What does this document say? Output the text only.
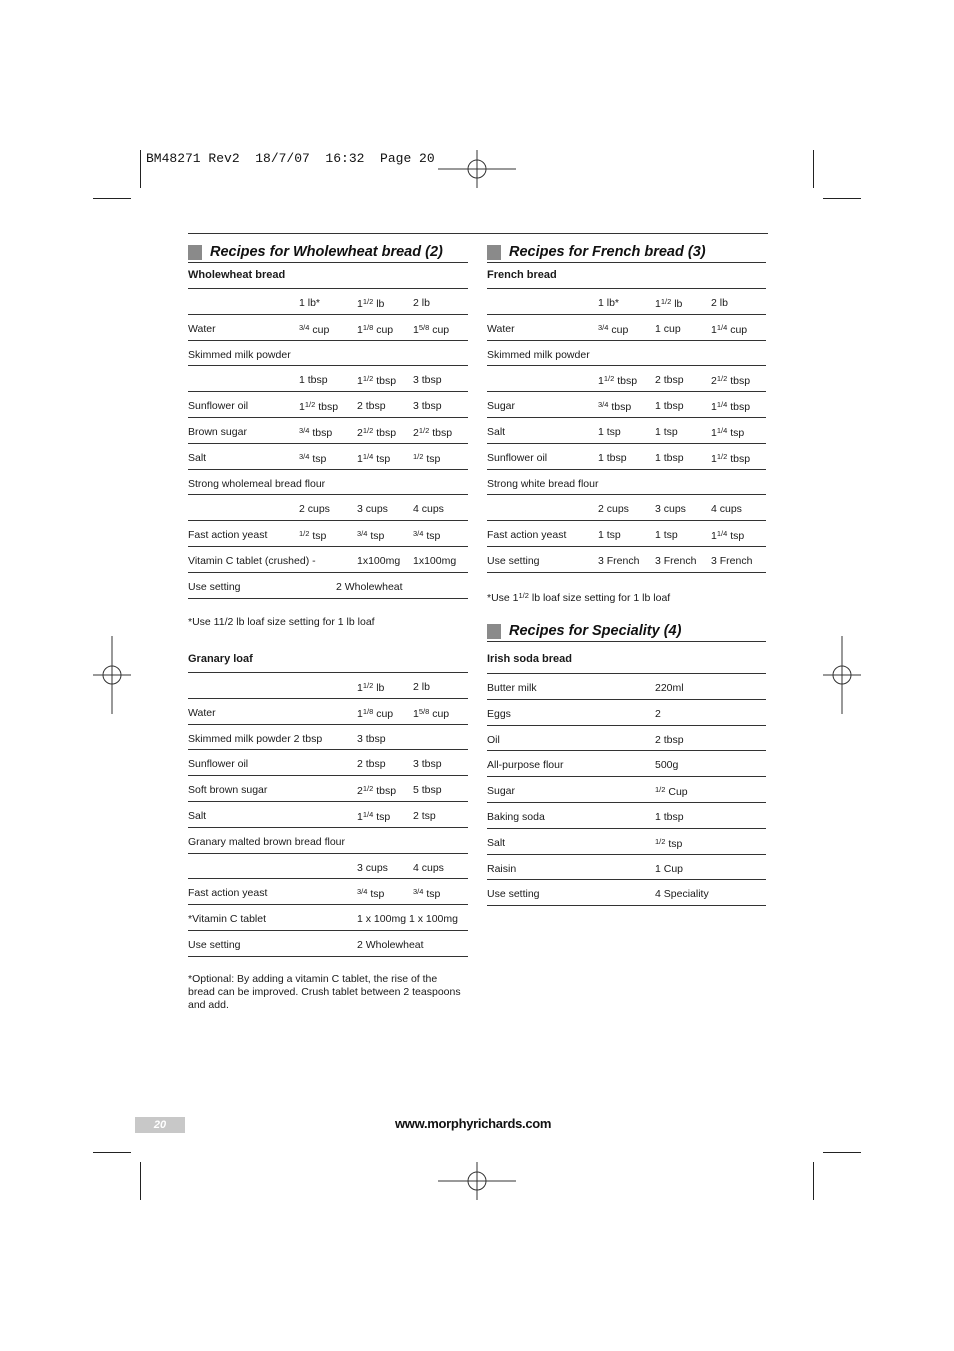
BM48271 Rev2  18/7/07  16:32  Page 20
Recipes for Wholewheat bread (2)
Wholewheat bread
1 lb*	$1^{1/2}$ lb	2 lb
Water	$^{3/4}$ cup	$1^{1/8}$ cup $1^{5/8}$ cup
Skimmed milk powder
1 tbsp	$1^{1/2}$ tbsp 3 tbsp
Sunflower oil	$1^{1/2}$ tbsp 2 tbsp	3 tbsp
Brown sugar	$^{3/4}$ tbsp $2^{1/2}$ tbsp $2^{1/2}$ tbsp
Salt	$^{3/4}$ tsp	$1^{1/4}$ tsp	$^{1/2}$ tsp
Strong wholemeal bread flour
2 cups	3 cups 4 cups
Fast action yeast	$^{1/2}$ tsp	$^{3/4}$ tsp	$^{3/4}$ tsp
Vitamin C tablet (crushed) -	1x100mg 1x100mg
Use setting	2 Wholewheat
*Use 11/2 lb loaf size setting for 1 lb loaf
Granary loaf
$1^{1/2}$ lb	2 lb
Water	$1^{1/8}$ cup $1^{5/8}$ cup
Skimmed milk powder 2 tbsp	3 tbsp
Sunflower oil	2 tbsp	3 tbsp
Soft brown sugar	$2^{1/2}$ tbsp 5 tbsp
Salt	$1^{1/4}$ tsp 2 tsp
Granary malted brown bread flour
3 cups 4 cups
Fast action yeast	$^{3/4}$ tsp	$^{3/4}$ tsp
*Vitamin C tablet	1 x 100mg 1 x 100mg
Use setting	2 Wholewheat
*Optional: By adding a vitamin C tablet, the rise of the bread can be improved. Crush tablet between 2 teaspoons and add.
Recipes for French bread (3)
French bread
1 lb*	$1^{1/2}$ lb	2 lb
Water	$^{3/4}$ cup	1 cup	$1^{1/4}$ cup
Skimmed milk powder
$1^{1/2}$ tbsp 2 tbsp	$2^{1/2}$ tbsp
Sugar	$^{3/4}$ tbsp 1 tbsp	$1^{1/4}$ tbsp
Salt	1 tsp	1 tsp	$1^{1/4}$ tsp
Sunflower oil	1 tbsp	1 tbsp	$1^{1/2}$ tbsp
Strong white bread flour
2 cups 3 cups 4 cups
Fast action yeast	1 tsp	1 tsp	$1^{1/4}$ tsp
Use setting	3 French 3 French 3 French
*Use $1^{1/2}$ lb loaf size setting for 1 lb loaf
Recipes for Speciality (4)
Irish soda bread
Butter milk	220ml
Eggs	2
Oil	2 tbsp
All-purpose flour	500g
Sugar	$^{1/2}$ Cup
Baking soda	1 tbsp
Salt	$^{1/2}$ tsp
Raisin	1 Cup
Use setting	4 Speciality
20	www.morphyrichards.com
